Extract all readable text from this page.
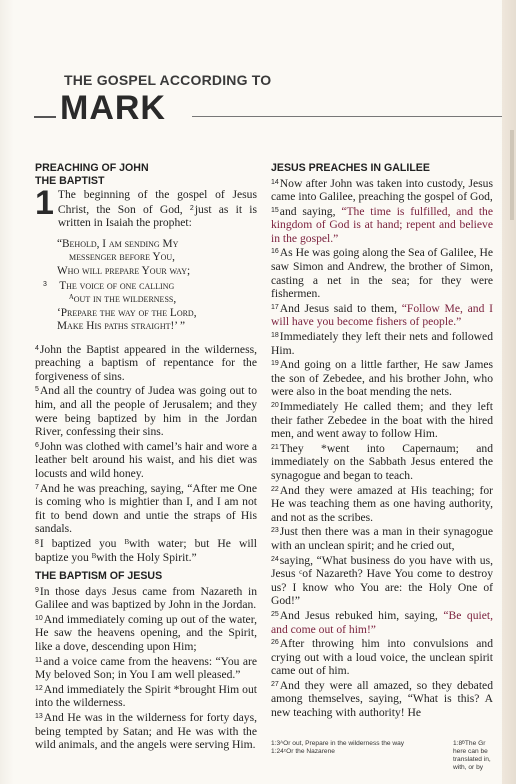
THE GOSPEL ACCORDING TO
MARK
PREACHING OF JOHN
THE BAPTIST

1 The beginning of the gospel of Jesus Christ, the Son of God, $^2$just as it is written in Isaiah the prophet:

“Behold, I am sending My
messenger before You,
Who will prepare Your way;
$^3$ The voice of one calling
ᴬout in the wilderness,
‘Prepare the way of the Lord,
Make His paths straight!’ ”

$^4$John the Baptist appeared in the wilderness, preaching a baptism of repentance for the forgiveness of sins.

$^5$And all the country of Judea was going out to him, and all the people of Jerusalem; and they were being baptized by him in the Jordan River, confessing their sins.

$^6$John was clothed with camel’s hair and wore a leather belt around his waist, and his diet was locusts and wild honey.

$^7$And he was preaching, saying, “After me One is coming who is mightier than I, and I am not fit to bend down and untie the straps of His sandals.

$^8$I baptized you ᴮwith water; but He will baptize you ᴮwith the Holy Spirit.”

THE BAPTISM OF JESUS

$^9$In those days Jesus came from Nazareth in Galilee and was baptized by John in the Jordan.

$^{10}$And immediately coming up out of the water, He saw the heavens opening, and the Spirit, like a dove, descending upon Him;

$^{11}$and a voice came from the heavens: “You are My beloved Son; in You I am well pleased.”

$^{12}$And immediately the Spirit *brought Him out into the wilderness.

$^{13}$And He was in the wilderness for forty days, being tempted by Satan; and He was with the wild animals, and the angels were serving Him.

JESUS PREACHES IN GALILEE

$^{14}$Now after John was taken into custody, Jesus came into Galilee, preaching the gospel of God,

$^{15}$and saying, “The time is fulfilled, and the kingdom of God is at hand; repent and believe in the gospel.”

$^{16}$As He was going along the Sea of Galilee, He saw Simon and Andrew, the brother of Simon, casting a net in the sea; for they were fishermen.

$^{17}$And Jesus said to them, “Follow Me, and I will have you become fishers of people.”

$^{18}$Immediately they left their nets and followed Him.

$^{19}$And going on a little farther, He saw James the son of Zebedee, and his brother John, who were also in the boat mending the nets.

$^{20}$Immediately He called them; and they left their father Zebedee in the boat with the hired men, and went away to follow Him.

$^{21}$They *went into Capernaum; and immediately on the Sabbath Jesus entered the synagogue and began to teach.

$^{22}$And they were amazed at His teaching; for He was teaching them as one having authority, and not as the scribes.

$^{23}$Just then there was a man in their synagogue with an unclean spirit; and he cried out,

$^{24}$saying, “What business do you have with us, Jesus ᶜof Nazareth? Have You come to destroy us? I know who You are: the Holy One of God!”

$^{25}$And Jesus rebuked him, saying, “Be quiet, and come out of him!”

$^{26}$After throwing him into convulsions and crying out with a loud voice, the unclean spirit came out of him.

$^{27}$And they were all amazed, so they debated among themselves, saying, “What is this? A new teaching with authority! He

1:8ᴮThe Gr here can be translated in, with, or by
1:3ᴬOr out, Prepare in the wilderness the way
1:24ᶜOr the Nazarene
